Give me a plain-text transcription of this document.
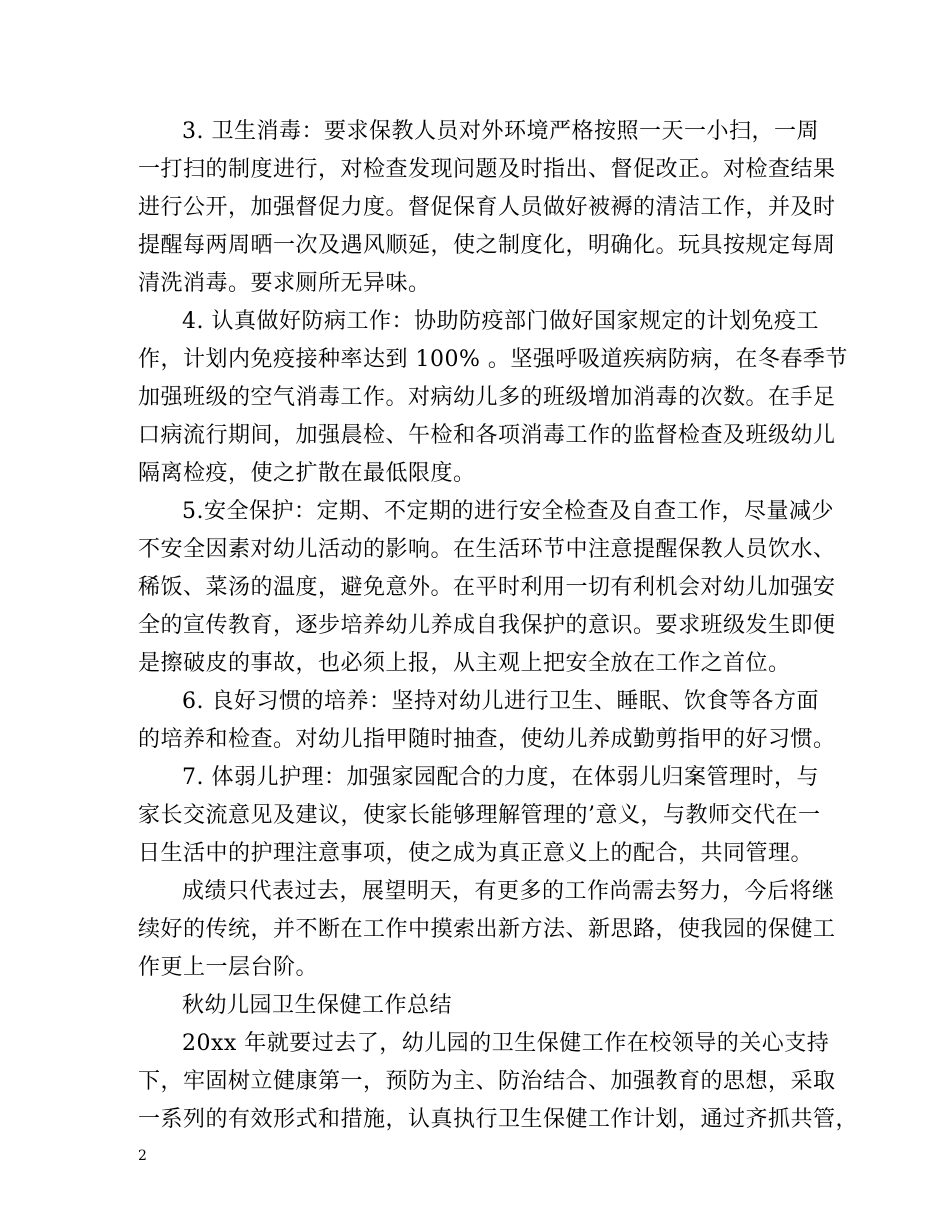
3. 卫生消毒：要求保教人员对外环境严格按照一天一小扫，一周
一打扫的制度进行，对检查发现问题及时指出、督促改正。对检查结果
进行公开，加强督促力度。督促保育人员做好被褥的清洁工作，并及时
提醒每两周晒一次及遇风顺延，使之制度化，明确化。玩具按规定每周
清洗消毒。要求厕所无异味。
4. 认真做好防病工作：协助防疫部门做好国家规定的计划免疫工
作，计划内免疫接种率达到 100% 。坚强呼吸道疾病防病，在冬春季节
加强班级的空气消毒工作。对病幼儿多的班级增加消毒的次数。在手足
口病流行期间，加强晨检、午检和各项消毒工作的监督检查及班级幼儿
隔离检疫，使之扩散在最低限度。
5.安全保护：定期、不定期的进行安全检查及自查工作，尽量减少
不安全因素对幼儿活动的影响。在生活环节中注意提醒保教人员饮水、
稀饭、菜汤的温度，避免意外。在平时利用一切有利机会对幼儿加强安
全的宣传教育，逐步培养幼儿养成自我保护的意识。要求班级发生即便
是擦破皮的事故，也必须上报，从主观上把安全放在工作之首位。
6. 良好习惯的培养：坚持对幼儿进行卫生、睡眠、饮食等各方面
的培养和检查。对幼儿指甲随时抽查，使幼儿养成勤剪指甲的好习惯。
7. 体弱儿护理：加强家园配合的力度，在体弱儿归案管理时，与
家长交流意见及建议，使家长能够理解管理的’意义，与教师交代在一
日生活中的护理注意事项，使之成为真正意义上的配合，共同管理。
成绩只代表过去，展望明天，有更多的工作尚需去努力，今后将继
续好的传统，并不断在工作中摸索出新方法、新思路，使我园的保健工
作更上一层台阶。
秋幼儿园卫生保健工作总结
20xx 年就要过去了，幼儿园的卫生保健工作在校领导的关心支持
下，牢固树立健康第一，预防为主、防治结合、加强教育的思想，采取
一系列的有效形式和措施，认真执行卫生保健工作计划，通过齐抓共管，
2
